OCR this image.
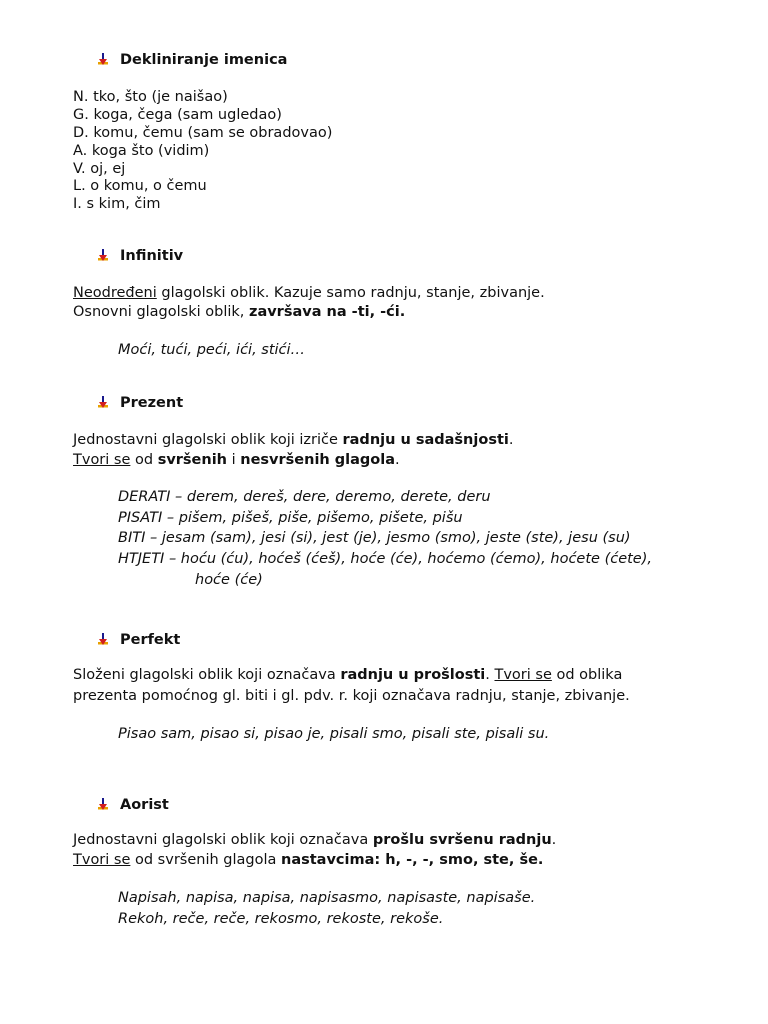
Dekliniranje imenica
N. tko, što (je naišao)
G. koga, čega (sam ugledao)
D. komu, čemu (sam se obradovao)
A. koga što (vidim)
V. oj, ej
L. o komu, o čemu
I. s kim, čim
Infinitiv
Neodređeni glagolski oblik. Kazuje samo radnju, stanje, zbivanje.
Osnovni glagolski oblik, završava na -ti, -ći.
Moći, tući, peći, ići, stići…
Prezent
Jednostavni glagolski oblik koji izriče radnju u sadašnjosti.
Tvori se od svršenih i nesvršenih glagola.
DERATI – derem, dereš, dere, deremo, derete, deru
PISATI – pišem, pišeš, piše, pišemo, pišete, pišu
BITI – jesam (sam), jesi (si), jest (je), jesmo (smo), jeste (ste), jesu (su)
HTJETI – hoću (ću), hoćeš (ćeš), hoće (će), hoćemo (ćemo), hoćete (ćete),
hoće (će)
Perfekt
Složeni glagolski oblik koji označava radnju u prošlosti. Tvori se od oblika
prezenta pomoćnog gl. biti i gl. pdv. r. koji označava radnju, stanje, zbivanje.
Pisao sam, pisao si, pisao je, pisali smo, pisali ste, pisali su.
Aorist
Jednostavni glagolski oblik koji označava prošlu svršenu radnju.
Tvori se od svršenih glagola nastavcima: h, -, -, smo, ste, še.
Napisah, napisa, napisa, napisasmo, napisaste, napisaše.
Rekoh, reče, reče, rekosmo, rekoste, rekoše.
